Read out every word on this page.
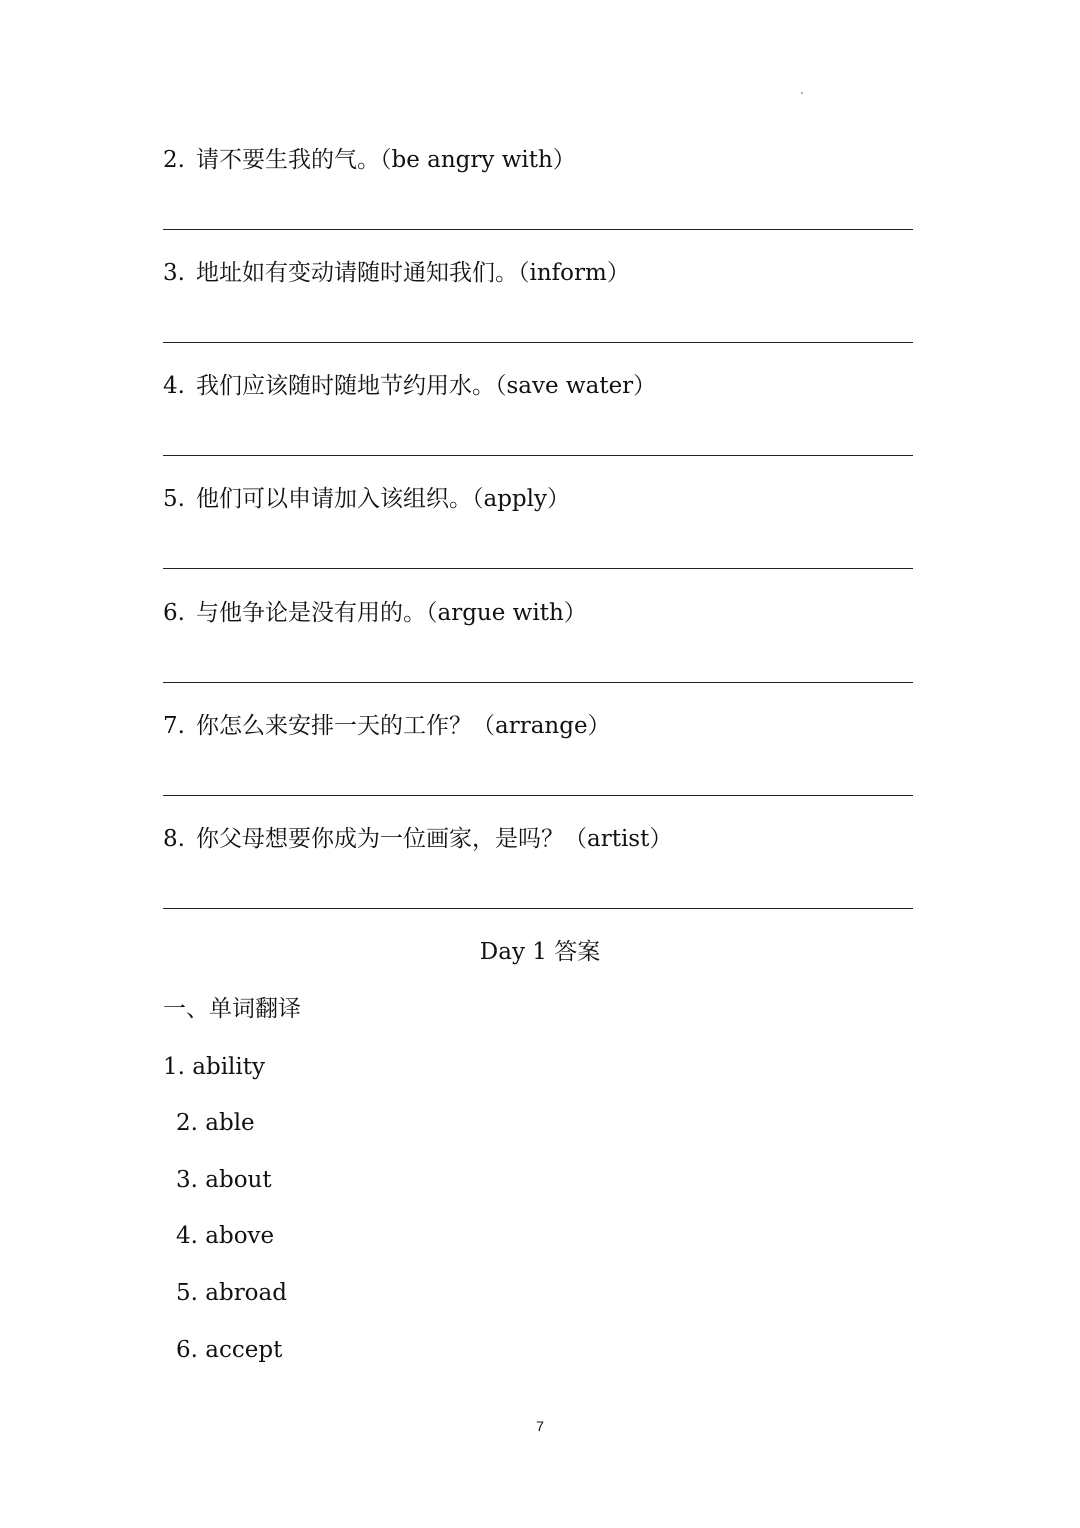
2. 请不要生我的气。（be angry with）
3. 地址如有变动请随时通知我们。（inform）
4. 我们应该随时随地节约用水。（save water）
5. 他们可以申请加入该组织。（apply）
6. 与他争论是没有用的。（argue with）
7. 你怎么来安排一天的工作？（arrange）
8. 你父母想要你成为一位画家，是吗？（artist）
Day 1 答案
一、单词翻译
1. ability
2. able
3. about
4. above
5. abroad
6. accept
7
